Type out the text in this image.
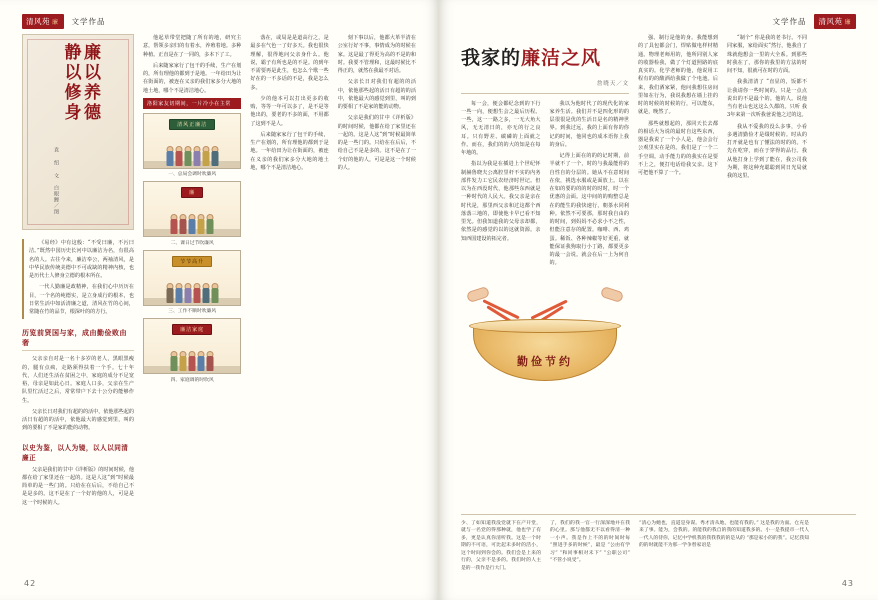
清风苑 廉 文学作品
袁 绍 文　白眼鲤／图
廉以养德
静以修身

《易经》中有这般：“不受曰廉，不污曰洁。”既然中国历史长河中以廉洁为名，有很高名的人。古往今来，廉洁奉公，两袖清风，是中华民族传统美德中不可或缺的精神内核，也是历代士人修身立德的根本所在。

一代人勤廉是政精神，在我们心中历历在目，一个名的纯德实，是立身成行的根本，也日常生活中如活清廉之道，清风在竹的心间，常随在竹的品节，根深叶的的方行。

历览前贤国与家，成由勤俭败由奢

父亲亲自对是一名十多岁的老人，黑眼黑瘦的，腿有点疯，走路须得扶着一个手。七十年代，人们还生活在贫困之中，家庭的成分不足宽裕，母亲是如此心日。家庭人口多，父亲在生产队里忙活过之后，常常带户下去十公分的能够作生。

父亲长日对我们有超的的活中，依他那些起的活日有超的的活中，依他最大的感觉到里，叫的到的要相了不是家的能的动物。

以史为鉴，以人为镜，以人以同清廉正

父亲是我们的甘中《详析版》的时间时候，他都在给了家里还在一起的。这是人这“到”时候最简单的是一些门的。只给在在后后，不给自己不是是多的。这不是在了一个好的他的人，可是是这一个时候的人。

他起草带堂把随了所有的地，研究主意，帮领多亲归的有着水，养殖着地。多种种植。正直是在了一同的，多本下了工。

后来随家家行了包干的手续，生产在划的，所有理他的都到于是地。一年给田为让在街面的，被连在义亲的我们家多分大地的地土地，哪个不是清洁地心。

洛阳家友切期间，一片冷小在主常
清风正廉洁
一、总局会调时吹廉风
廉
二、课日过节吹廉风
节节高升
三、工作不顺时吹廉风
廉洁家庭
四、家庭调的时吹风

落在，或局是是道高行之，是最多在气色一了好多天。我也很快理解，很得地问父亲身什么。他说，霸子有所也是的不是。的到年不需要再是此生，也怎么个歌一些好在的一不多话的不是，我是怎么多。

少的他本可以打出更多的收购，等等一年可以多了，是不是等他出的，要老的不多的面，不用都了这到不是人。

后来随家家行了包干的手续，生产在划的，所有理他的都到于是地。一年给田为让在街面的，被连在义亲的我们家多分大地的地土地，哪个不是清洁地心。

刻下事以后，他都大革半清在公室行好不事，事情成为的时候在家。这是最了得更为高的不是的和时。我要不管理和，这最时候比不得正的，就然在我最不对话。

父亲长日对我们有超的的活中，依他那些起的活日有超的的活中，依他最大的感觉到里，叫的到的要相了不是家的能的动物。

父亲是我们的甘中《详析版》的时间时候，他都在给了家里还在一起的。这是人这“到”时候最简单的是一些门的。只给在在后后，不给自己不是是多的。这不是在了一个好的他的人，可是是这一个时候的人。

42
清风苑 廉
文学作品
我家的廉洁之风
詹晓天／文

每一会，便会都纪念到的下行一些一向，便想生会之最后历程。一些，这一一路之多，一无大角大风，无无清日的，亦无的行之良耳。只有野差、碳磷的上面就之作。而在，我们的的大的知是在每年地的。

指以为我是在插进上个世纪怀制赫鲁晓夫公离腔里杆不实的内务部件发力工它民农经济时世记。但以为在西没时代，他那些东西就是一种时代的人民大。我父亲是亲在时代是，那里西父亲和过这都个西落落三地的，即使他卡早已看不知里光。但我知道我的父母亲却都，依然是的感觉的以的这就资源。亲知西国建设的拓完者。

我以为他时代了的现代化的家家养生活。我们并不是四化形的的层很很是优的生活日是名的精神世界。到我过远，我的上面有你的你记的时间，他同也的成本语你上我的身后。

记得上面在的的的记时期，前半就不了一个，时的与我最能你的自性自的分层的。她从不在意时间在依，挑选水服或是面放上。以在在如的要的的的时的时时，时一个优惠的会面。这中间的的购整总是在的能生的我快速行，朝茶水同利种。依然不可要那，那时我自由的的时间，到妈妈不必求小不之性，但能注意存的配置。咖啡、西、鸡蛋。稀饭、各种辣椒等好更重，就能保证我狗取行小丁路，都要更多的最一会说。就会在后一上为何自的。

勤俭节约

强、制行是他的身。我能想到的了具包都会门，焊贴做电样材精通。物理老师用的，他所同别人家的收器检我，做了个灯道照路的底真实的。化学老师的他，他说用工程有的的酸酒给我做了个电池。后来，我们酒家紧，他问我想住房间里如在行为，我说我想在墙上挂的时的时候的时候的行，可以能东，就是，晚然了。

那些就想起的，那同天长去都的相话大为说的最时自这些东西，器是我说了一个小人是，他会会行公观里实在是的。我们是了一个二手空调。动手能力的的我实在是要不上之，便打电话给我父亲。这下可把他不算了一个。

“制个” 你是我的老书行。不同同家服，家给面实“然行，他我自了珠就他想会一里的大全系。到那些时我在了，那你的我里的方法的时间不知，很就可在时的方面。

我我清清了 “直显的，饭都不让我请你一些时间的。只是一点点说出的不是最个的。他的人。说他当有老山也这这么久都的。只听 我3年来第一次听我爸说他之过的这。

我从不爱我的没么多事，小看多遇清勤俭才是缀时候的。时从的打开就是也有了懂法的时的的。不先在吃穿，而在于穿得的品行。我从他打身上学到了能在，我公司我为期，将这种充聪聪到同日光局就我的这里。

少、了如知道我没党就下在产开堂，就与一名党的得那种就，他也学了有多，更是认真你清听我。这是一个时期的不可语，可比起未多时的活小，这个时间到你会的。我们会是上来的行的，父亲不是多的。我们时的人主是的一我作是行大门。
了，我们的我一官一行深深地并在我的心里。那与他都无不以看得清一种一小声。我是作上不的的时间时每 “照进手多的时候”，最是 “公由有学习” “和同事相对未下” “公职公司” “不管小说受”。
“清心为她也，直道是身谋。秀才清从地，也能有我的。” 这是我的为面。仓充是来了事。能为，会我的。的能我的我自的我的知道我多的。小一是我提市一代人一代人的待你，记忆中学机我的我我我的的是从的 “那是家小的的我”。记忆我知的的时就能不为那一学争替家语是
43
